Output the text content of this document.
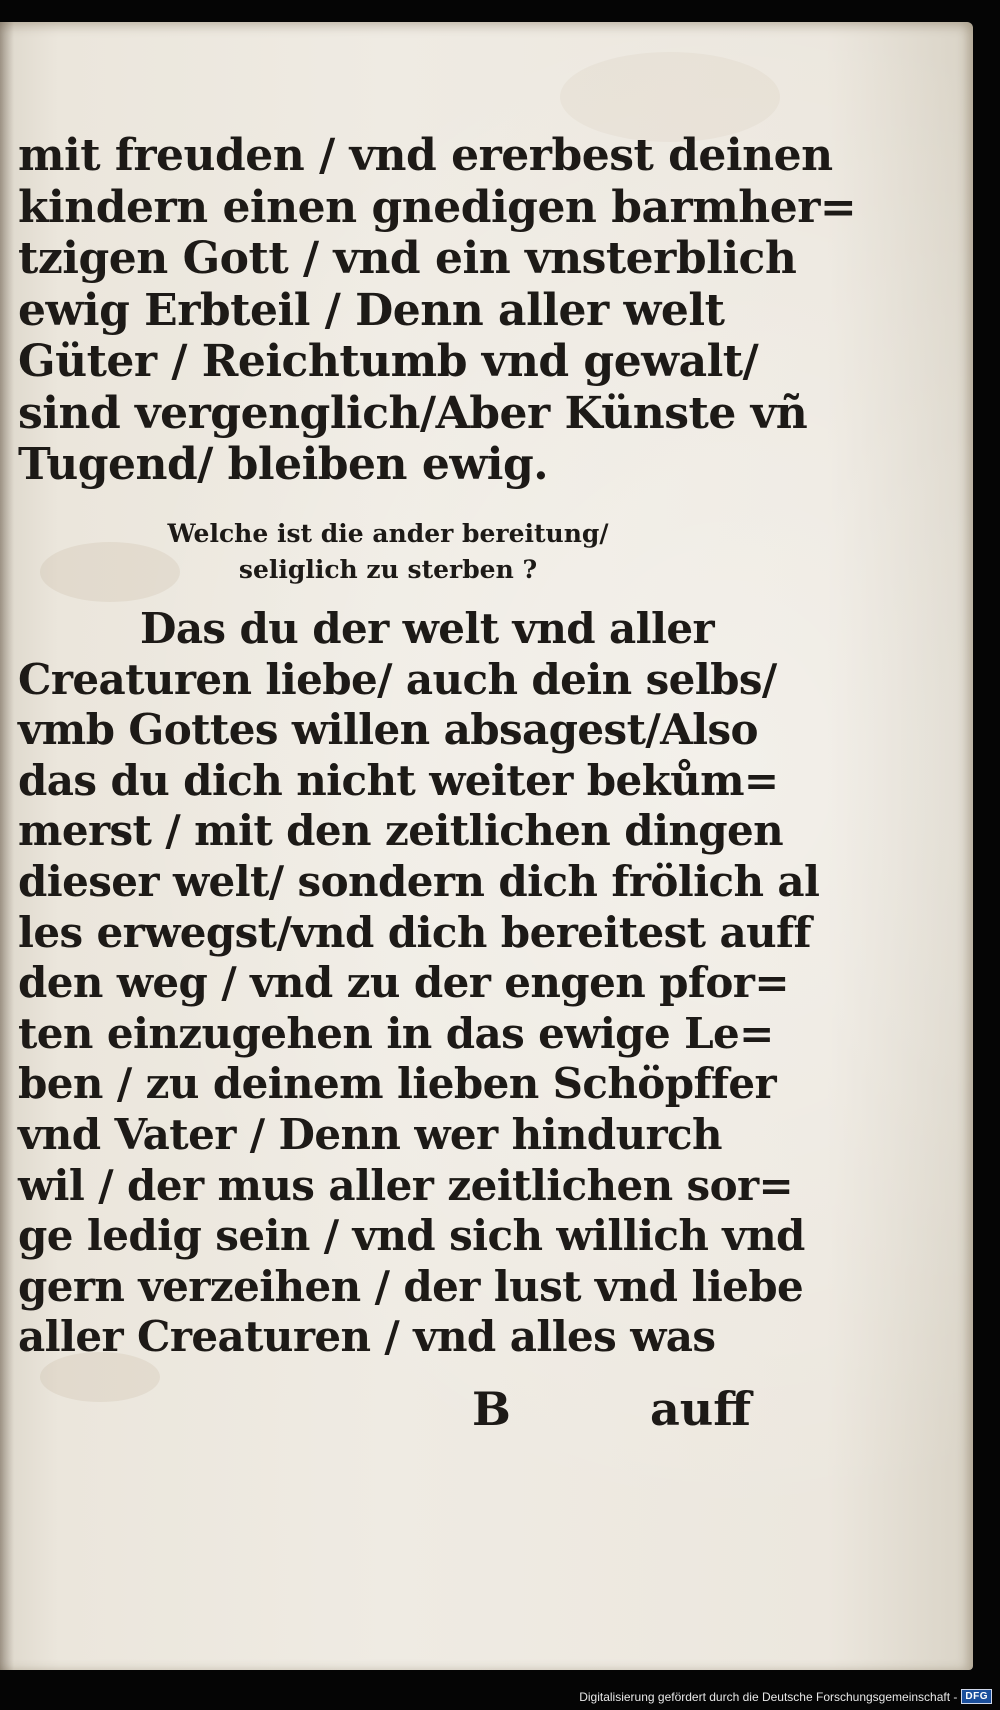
mit freuden / vnd ererbest deinen
kindern einen gnedigen barmher=
tzigen Gott / vnd ein vnsterblich
ewig Erbteil / Denn aller welt
Güter / Reichtumb vnd gewalt/
sind vergenglich/Aber Künste vñ
Tugend/ bleiben ewig.
Welche ist die ander bereitung/
seliglich zu sterben ?
Das du der welt vnd aller
Creaturen liebe/ auch dein selbs/
vmb Gottes willen absagest/Also
das du dich nicht weiter bekům=
merst / mit den zeitlichen dingen
dieser welt/ sondern dich frölich al
les erwegst/vnd dich bereitest auff
den weg / vnd zu der engen pfor=
ten einzugehen in das ewige Le=
ben / zu deinem lieben Schöpffer
vnd Vater / Denn wer hindurch
wil / der mus aller zeitlichen sor=
ge ledig sein / vnd sich willich vnd
gern verzeihen / der lust vnd liebe
aller Creaturen / vnd alles was
B	auff
Digitalisierung gefördert durch die Deutsche Forschungsgemeinschaft - DFG
